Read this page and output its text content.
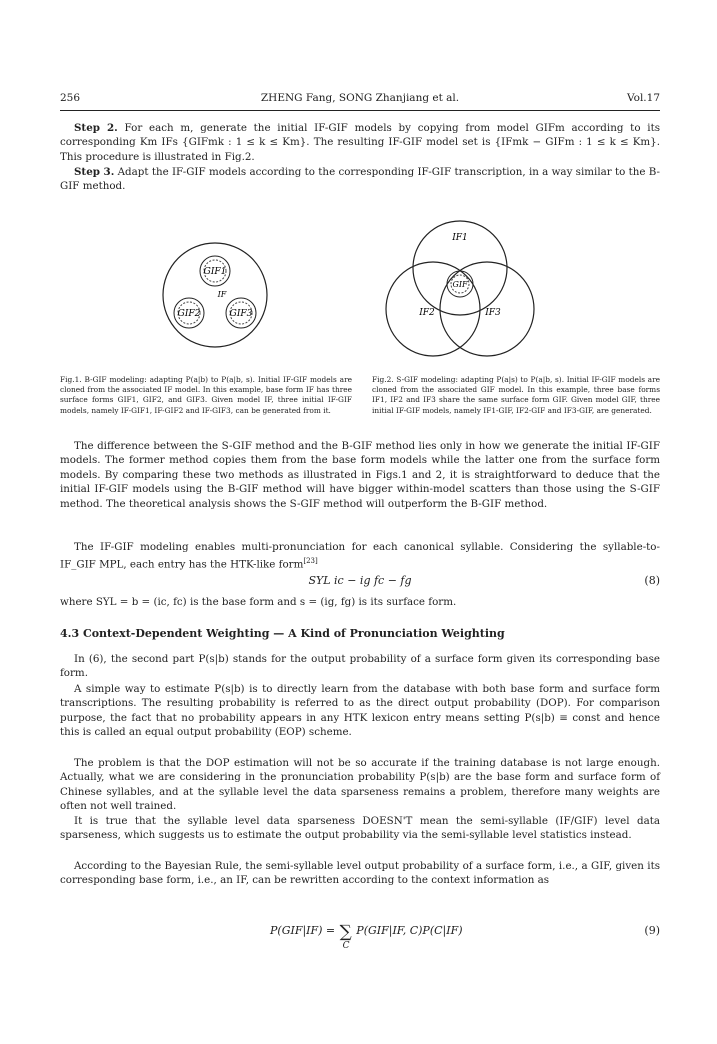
256	ZHENG Fang, SONG Zhanjiang et al.	Vol.17
Step 2. For each m, generate the initial IF-GIF models by copying from model GIFm according to its corresponding Km IFs {GIFmk : 1 ≤ k ≤ Km}. The resulting IF-GIF model set is {IFmk − GIFm : 1 ≤ k ≤ Km}. This procedure is illustrated in Fig.2.
Step 3. Adapt the IF-GIF models according to the corresponding IF-GIF transcription, in a way similar to the B-GIF method.
GIF1
IF
GIF2	GIF3
IF1
IF2	IF3
GIF
Fig.1. B-GIF modeling: adapting P(a|b) to P(a|b, s). Initial IF-GIF models are cloned from the associated IF model. In this example, base form IF has three surface forms GIF1, GIF2, and GIF3. Given model IF, three initial IF-GIF models, namely IF-GIF1, IF-GIF2 and IF-GIF3, can be generated from it.
Fig.2. S-GIF modeling: adapting P(a|s) to P(a|b, s). Initial IF-GIF models are cloned from the associated GIF model. In this example, three base forms IF1, IF2 and IF3 share the same surface form GIF. Given model GIF, three initial IF-GIF models, namely IF1-GIF, IF2-GIF and IF3-GIF, are generated.
The difference between the S-GIF method and the B-GIF method lies only in how we generate the initial IF-GIF models. The former method copies them from the base form models while the latter one from the surface form models. By comparing these two methods as illustrated in Figs.1 and 2, it is straightforward to deduce that the initial IF-GIF models using the B-GIF method will have bigger within-model scatters than those using the S-GIF method. The theoretical analysis shows the S-GIF method will outperform the B-GIF method.
The IF-GIF modeling enables multi-pronunciation for each canonical syllable. Considering the syllable-to-IF_GIF MPL, each entry has the HTK-like form[23]
SYL ic − ig fc − fg	(8)
where SYL = b = (ic, fc) is the base form and s = (ig, fg) is its surface form.
4.3 Context-Dependent Weighting — A Kind of Pronunciation Weighting
In (6), the second part P(s|b) stands for the output probability of a surface form given its corresponding base form.
A simple way to estimate P(s|b) is to directly learn from the database with both base form and surface form transcriptions. The resulting probability is referred to as the direct output probability (DOP). For comparison purpose, the fact that no probability appears in any HTK lexicon entry means setting P(s|b) ≡ const and hence this is called an equal output probability (EOP) scheme.
The problem is that the DOP estimation will not be so accurate if the training database is not large enough. Actually, what we are considering in the pronunciation probability P(s|b) are the base form and surface form of Chinese syllables, and at the syllable level the data sparseness remains a problem, therefore many weights are often not well trained.
It is true that the syllable level data sparseness DOESN'T mean the semi-syllable (IF/GIF) level data sparseness, which suggests us to estimate the output probability via the semi-syllable level statistics instead.
According to the Bayesian Rule, the semi-syllable level output probability of a surface form, i.e., a GIF, given its corresponding base form, i.e., an IF, can be rewritten according to the context information as
P(GIF|IF) = ∑
C
P(GIF|IF, C)P(C|IF)	(9)
